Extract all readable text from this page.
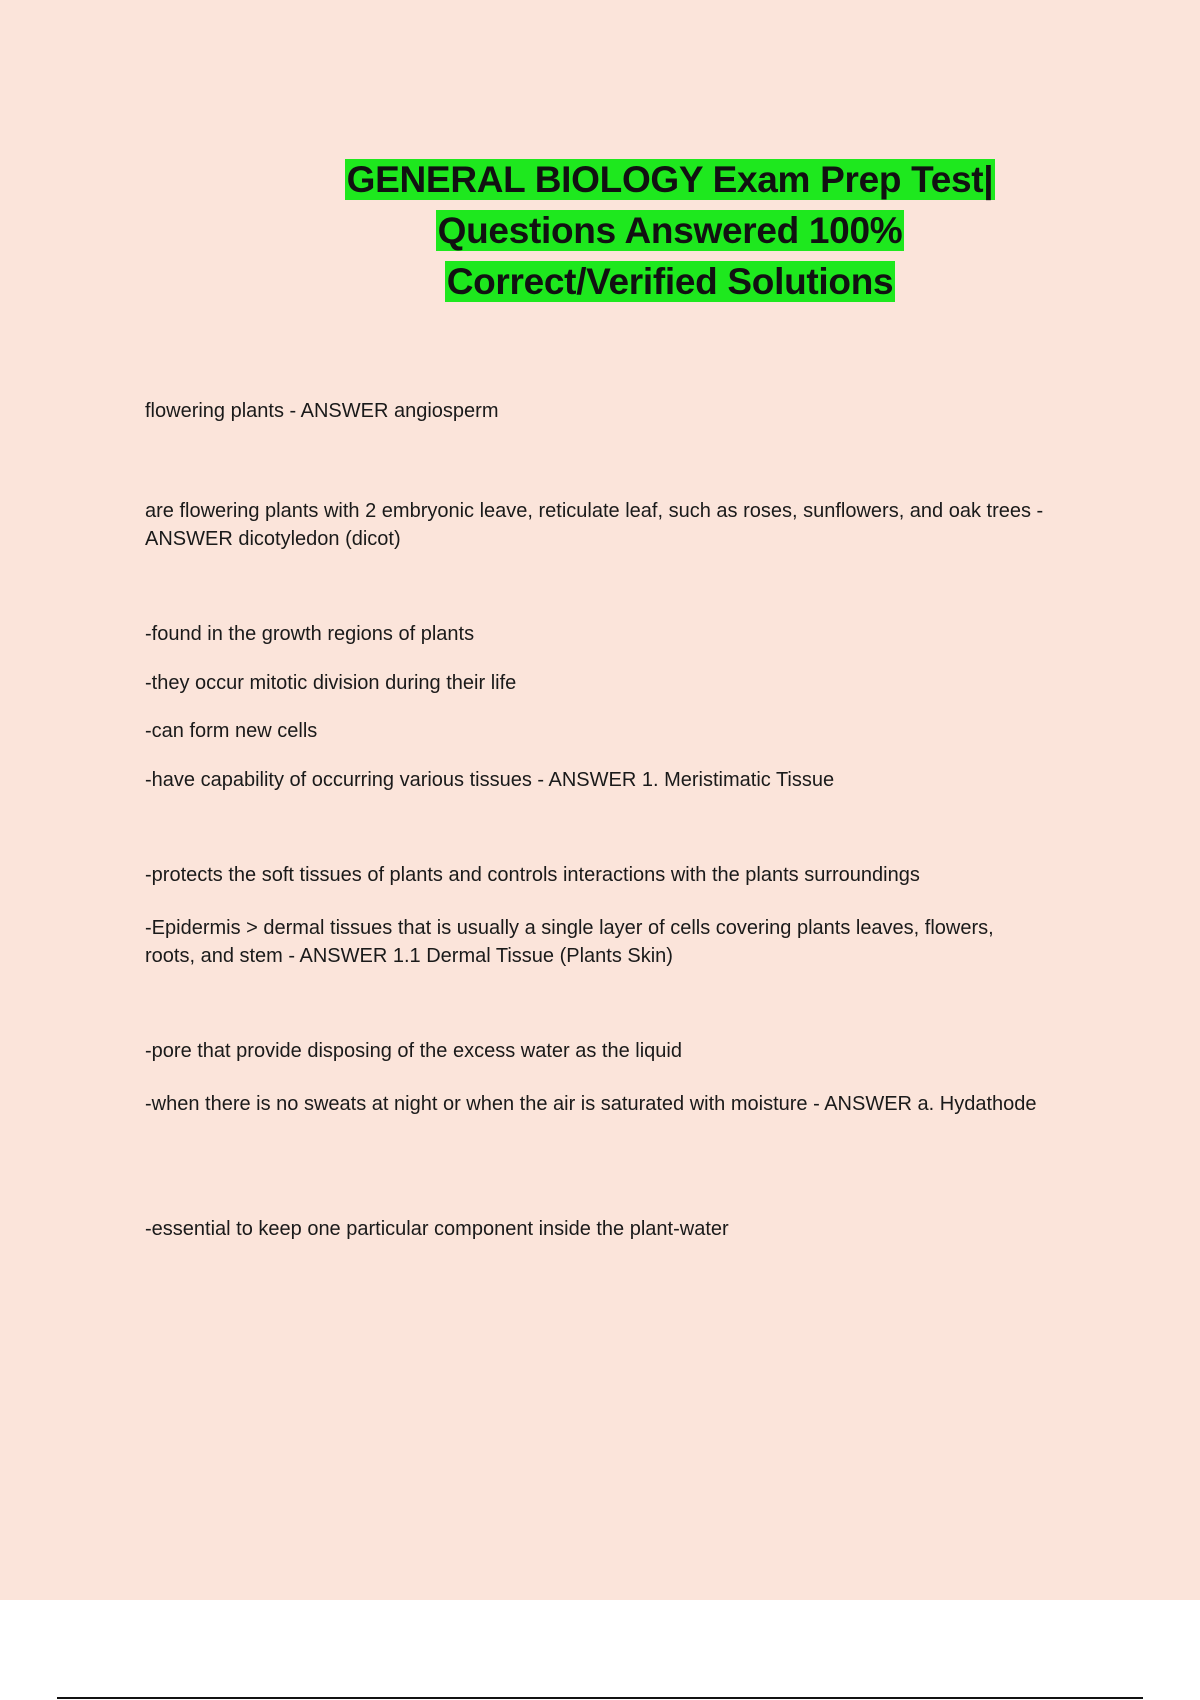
GENERAL BIOLOGY Exam Prep Test|
Questions Answered 100%
Correct/Verified Solutions

flowering plants - ANSWER angiosperm

are flowering plants with 2 embryonic leave, reticulate leaf, such as roses, sunflowers, and oak trees - ANSWER dicotyledon (dicot)

-found in the growth regions of plants

-they occur mitotic division during their life

-can form new cells

-have capability of occurring various tissues - ANSWER 1. Meristimatic Tissue

-protects the soft tissues of plants and controls interactions with the plants surroundings

-Epidermis > dermal tissues that is usually a single layer of cells covering plants leaves, flowers, roots, and stem - ANSWER 1.1 Dermal Tissue (Plants Skin)

-pore that provide disposing of the excess water as the liquid

-when there is no sweats at night or when the air is saturated with moisture - ANSWER a. Hydathode

-essential to keep one particular component inside the plant-water
